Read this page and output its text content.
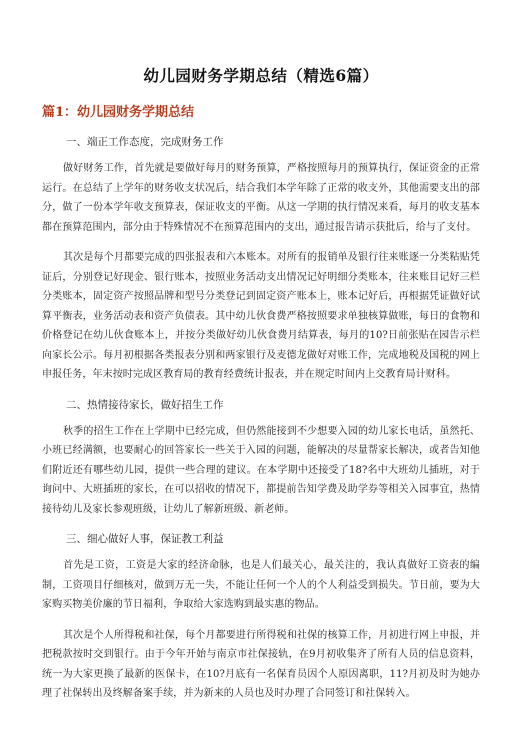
幼儿园财务学期总结（精选6篇）
篇1：幼儿园财务学期总结

一、端正工作态度，完成财务工作

做好财务工作，首先就是要做好每月的财务预算，严格按照每月的预算执行，保证资金的正常运行。在总结了上学年的财务收支状况后，结合我们本学年除了正常的收支外，其他需要支出的部分，做了一份本学年收支预算表，保证收支的平衡。从这一学期的执行情况来看，每月的收支基本都在预算范围内，部分由于特殊情况不在预算范围内的支出，通过报告请示获批后，给与了支付。

其次是每个月都要完成的四张报表和六本账本。对所有的报销单及银行往来账逐一分类粘贴凭证后，分别登记好现金、银行账本，按照业务活动支出情况记好明细分类账本，往来账目记好三栏分类账本，固定资产按照品牌和型号分类登记到固定资产账本上，账本记好后，再根据凭证做好试算平衡表，业务活动表和资产负债表。其中幼儿伙食费严格按照要求单独核算做账，每日的食物和价格登记在幼儿伙食账本上，并按分类做好幼儿伙食费月结算表，每月的10?日前张贴在园告示栏向家长公示。每月初根据各类报表分别和两家银行及麦德龙做好对账工作，完成地税及国税的网上申报任务，年末按时完成区教育局的教育经费统计报表，并在规定时间内上交教育局计财科。

二、热情接待家长，做好招生工作

秋季的招生工作在上学期中已经完成，但仍然能接到不少想要入园的幼儿家长电话，虽然托、小班已经满额，也要耐心的回答家长一些关于入园的问题，能解决的尽量帮家长解决，或者告知他们附近还有哪些幼儿园，提供一些合理的建议。在本学期中还接受了18?名中大班幼儿插班，对于询问中、大班插班的家长，在可以招收的情况下，都提前告知学费及助学券等相关入园事宜，热情接待幼儿及家长参观班级，让幼儿了解新班级、新老师。

三、细心做好人事，保证教工利益

首先是工资，工资是大家的经济命脉，也是人们最关心，最关注的，我认真做好工资表的编制，工资项目仔细核对，做到万无一失，不能让任何一个人的个人利益受到损失。节日前，要为大家购买物美价廉的节日福利，争取给大家选购到最实惠的物品。

其次是个人所得税和社保，每个月都要进行所得税和社保的核算工作，月初进行网上申报，并把税款按时交到银行。由于今年开始与南京市社保接轨，在9月初收集齐了所有人员的信息资料，统一为大家更换了最新的医保卡，在10?月底有一名保育员因个人原因离职，11?月初及时为她办理了社保转出及终解备案手续，并为新来的人员也及时办理了合同签订和社保转入。
